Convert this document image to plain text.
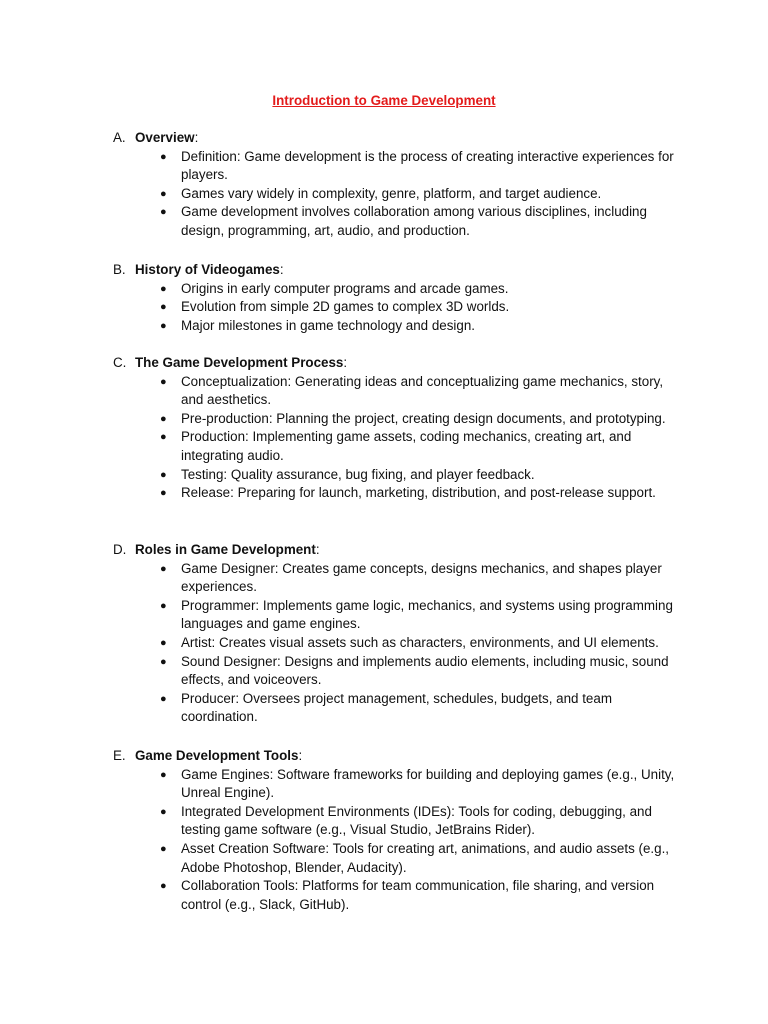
Introduction to Game Development
A. Overview :
● Definition: Game development is the process of creating interactive experiences for players.
● Games vary widely in complexity, genre, platform, and target audience.
● Game development involves collaboration among various disciplines, including design, programming, art, audio, and production.
B. History of Videogames :
● Origins in early computer programs and arcade games.
● Evolution from simple 2D games to complex 3D worlds.
● Major milestones in game technology and design.
C. The Game Development Process :
● Conceptualization: Generating ideas and conceptualizing game mechanics, story, and aesthetics.
● Pre-production: Planning the project, creating design documents, and prototyping.
● Production: Implementing game assets, coding mechanics, creating art, and integrating audio.
● Testing: Quality assurance, bug fixing, and player feedback.
● Release: Preparing for launch, marketing, distribution, and post-release support.
D. Roles in Game Development :
● Game Designer: Creates game concepts, designs mechanics, and shapes player experiences.
● Programmer: Implements game logic, mechanics, and systems using programming languages and game engines.
● Artist: Creates visual assets such as characters, environments, and UI elements.
● Sound Designer: Designs and implements audio elements, including music, sound effects, and voiceovers.
● Producer: Oversees project management, schedules, budgets, and team coordination.
E. Game Development Tools :
● Game Engines: Software frameworks for building and deploying games (e.g., Unity, Unreal Engine).
● Integrated Development Environments (IDEs): Tools for coding, debugging, and testing game software (e.g., Visual Studio, JetBrains Rider).
● Asset Creation Software: Tools for creating art, animations, and audio assets (e.g., Adobe Photoshop, Blender, Audacity).
● Collaboration Tools: Platforms for team communication, file sharing, and version control (e.g., Slack, GitHub).
